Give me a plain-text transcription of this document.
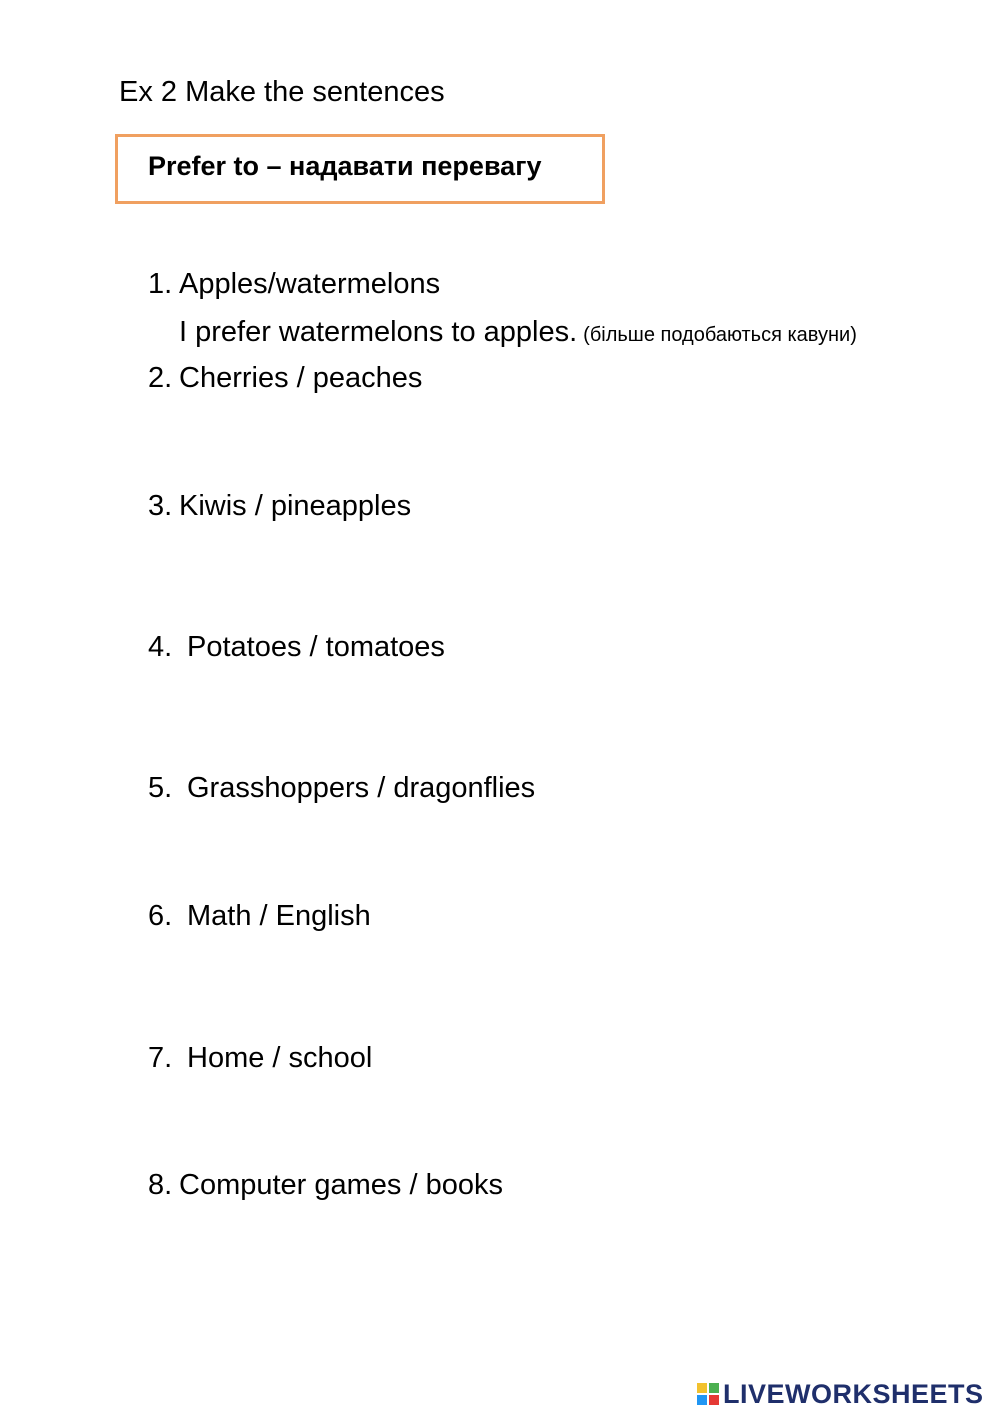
Ex 2 Make the sentences
Prefer to – надавати перевагу
1. Apples/watermelons
I prefer watermelons to apples. (більше подобаються кавуни)
2. Cherries / peaches
3. Kiwis / pineapples
4. Potatoes / tomatoes
5. Grasshoppers / dragonflies
6. Math / English
7. Home / school
8. Computer games / books
LIVEWORKSHEETS
